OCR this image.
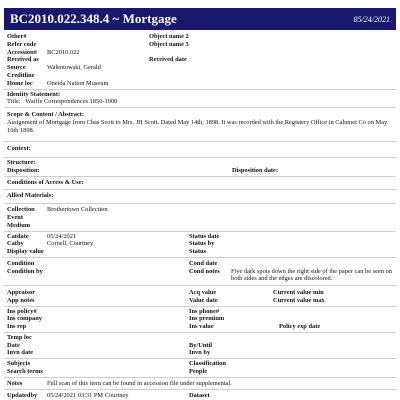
BC2010.022.348.4 ~ Mortgage	05/24/2021
Other#	Object name 2
Refer code	Object name 3
Accession#	BC2010.022
Received as	Received date
Source	Walentowski, Gerald
Creditline
Home loc	Oneida Nation Museum
Identity Statement:
Title:   Waiffe Correspondences 1850-1900
Scope & Content / Abstract:
Assignment of Mortgage from Chas Scott to Mrs. JH Scott. Dated May 14th, 1898. It was recorded with the Registery Office in Calumet Co on May 16th 1898.
Context:
Structure:
Disposition:	Disposition date:
Conditions of Access & Use:
Allied Materials:
Collection	Brothertown Collection
Event
Medium
Catdate	05/24/2021	Status date
Catby	Cornell, Courtney	Status by
Display value	Status
Condition	Cond date
Condition by	Cond notes	Five dark spots down the right side of the paper can be seen on both sides and the edges are discolored.
Appraisor	Acq value	Current value min
App notes	Value date	Current value max
Ins policy#	Ins phone#
Ins company	Ins premium
Ins rep	Ins value	Policy exp date
Temp loc
Date	By/Until
Invn date	Invn by
Subjects	Classification
Search terms	People
Notes	Full scan of this item can be found in accession file under supplemental.
Updatedby	05/24/2021 03:31 PM Courtney	Dataset
